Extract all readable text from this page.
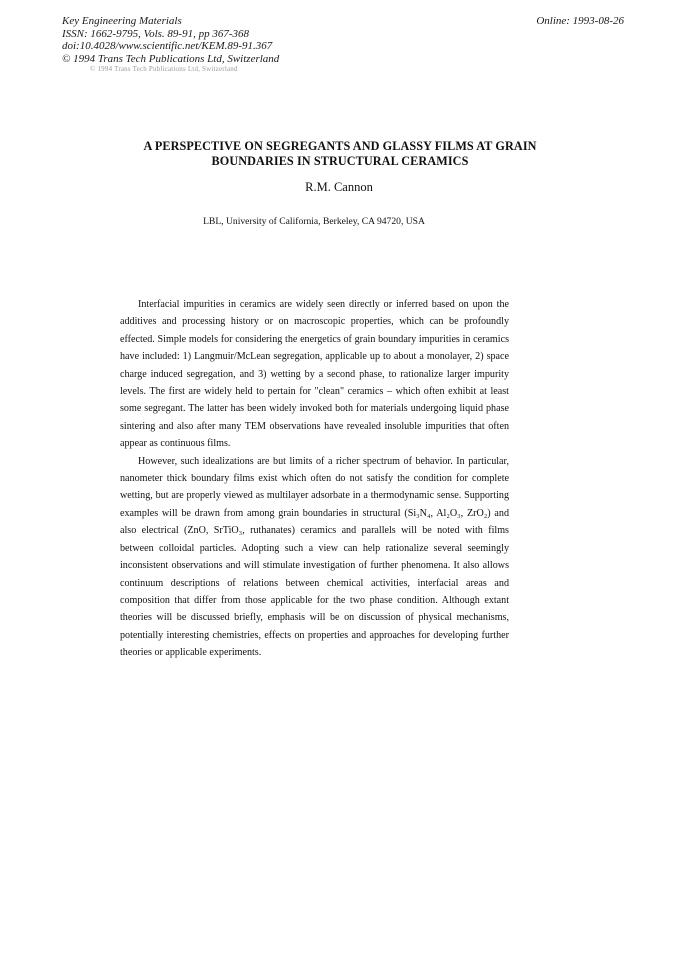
Key Engineering Materials
ISSN: 1662-9795, Vols. 89-91, pp 367-368
doi:10.4028/www.scientific.net/KEM.89-91.367
© 1994 Trans Tech Publications Ltd, Switzerland
Online: 1993-08-26
© 1994 Trans Tech Publications Ltd, Switzerland
A PERSPECTIVE ON SEGREGANTS AND GLASSY FILMS AT GRAIN
BOUNDARIES IN STRUCTURAL CERAMICS
R.M. Cannon
LBL, University of California, Berkeley, CA 94720, USA

Interfacial impurities in ceramics are widely seen directly or inferred based on upon the additives and processing history or on macroscopic properties, which can be profoundly effected. Simple models for considering the energetics of grain boundary impurities in ceramics have included: 1) Langmuir/McLean segregation, applicable up to about a monolayer, 2) space charge induced segregation, and 3) wetting by a second phase, to rationalize larger impurity levels. The first are widely held to pertain for "clean" ceramics – which often exhibit at least some segregant. The latter has been widely invoked both for materials undergoing liquid phase sintering and also after many TEM observations have revealed insoluble impurities that often appear as continuous films.

However, such idealizations are but limits of a richer spectrum of behavior. In particular, nanometer thick boundary films exist which often do not satisfy the condition for complete wetting, but are properly viewed as multilayer adsorbate in a thermodynamic sense. Supporting examples will be drawn from among grain boundaries in structural (Si₃N₄, Al₂O₃, ZrO₂) and also electrical (ZnO, SrTiO₃, ruthanates) ceramics and parallels will be noted with films between colloidal particles. Adopting such a view can help rationalize several seemingly inconsistent observations and will stimulate investigation of further phenomena. It also allows continuum descriptions of relations between chemical activities, interfacial areas and composition that differ from those applicable for the two phase condition. Although extant theories will be discussed briefly, emphasis will be on discussion of physical mechanisms, potentially interesting chemistries, effects on properties and approaches for developing further theories or applicable experiments.
